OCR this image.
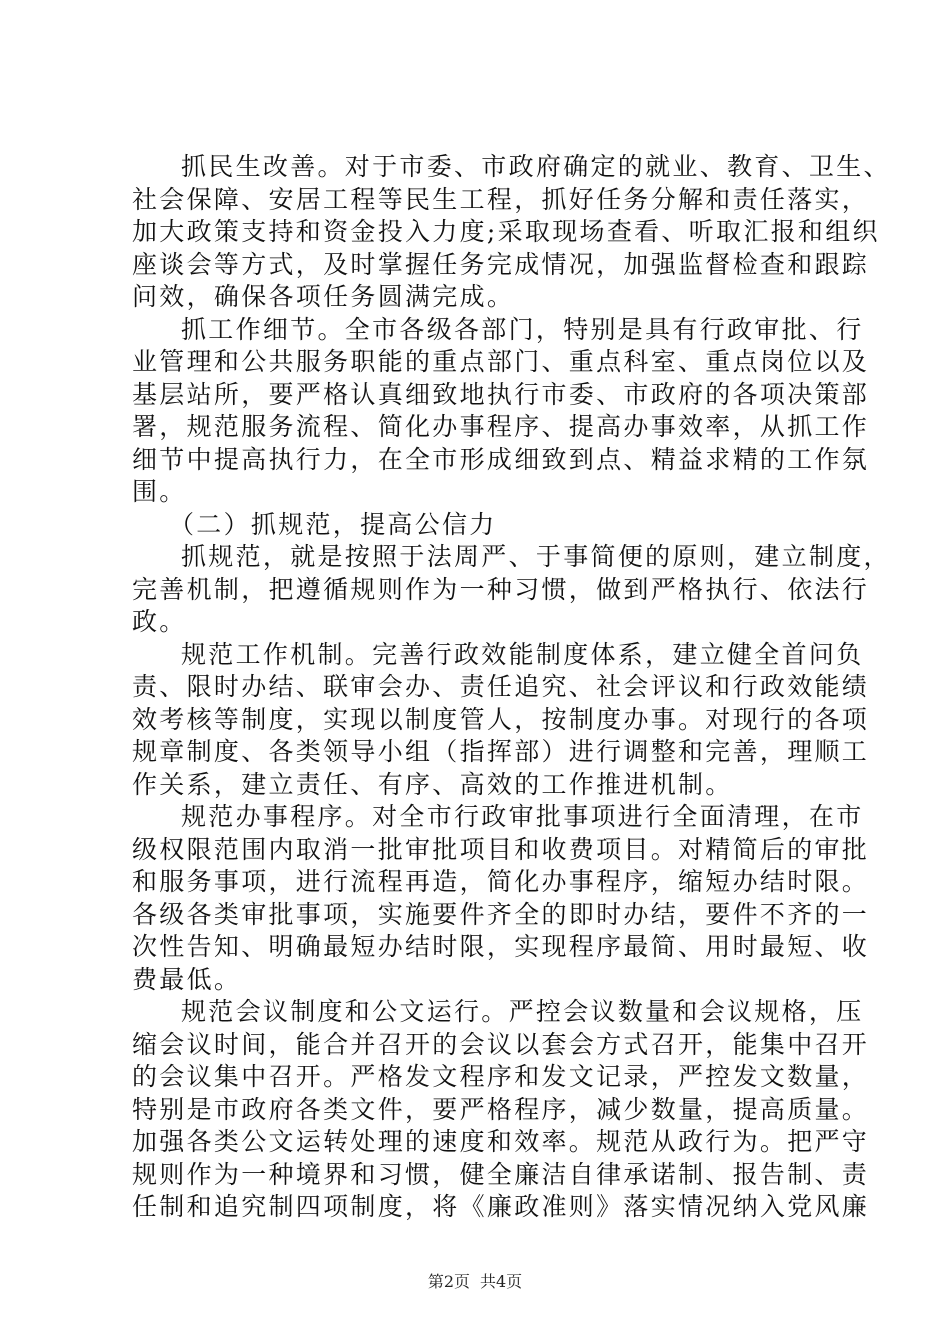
抓民生改善。对于市委、市政府确定的就业、教育、卫生、
社会保障、安居工程等民生工程，抓好任务分解和责任落实，
加大政策支持和资金投入力度;采取现场查看、听取汇报和组织
座谈会等方式，及时掌握任务完成情况，加强监督检查和跟踪
问效，确保各项任务圆满完成。
抓工作细节。全市各级各部门，特别是具有行政审批、行
业管理和公共服务职能的重点部门、重点科室、重点岗位以及
基层站所，要严格认真细致地执行市委、市政府的各项决策部
署，规范服务流程、简化办事程序、提高办事效率，从抓工作
细节中提高执行力，在全市形成细致到点、精益求精的工作氛
围。
（二）抓规范，提高公信力
抓规范，就是按照于法周严、于事简便的原则，建立制度，
完善机制，把遵循规则作为一种习惯，做到严格执行、依法行
政。
规范工作机制。完善行政效能制度体系，建立健全首问负
责、限时办结、联审会办、责任追究、社会评议和行政效能绩
效考核等制度，实现以制度管人，按制度办事。对现行的各项
规章制度、各类领导小组（指挥部）进行调整和完善，理顺工
作关系，建立责任、有序、高效的工作推进机制。
规范办事程序。对全市行政审批事项进行全面清理，在市
级权限范围内取消一批审批项目和收费项目。对精简后的审批
和服务事项，进行流程再造，简化办事程序，缩短办结时限。
各级各类审批事项，实施要件齐全的即时办结，要件不齐的一
次性告知、明确最短办结时限，实现程序最简、用时最短、收
费最低。
规范会议制度和公文运行。严控会议数量和会议规格，压
缩会议时间，能合并召开的会议以套会方式召开，能集中召开
的会议集中召开。严格发文程序和发文记录，严控发文数量，
特别是市政府各类文件，要严格程序，减少数量，提高质量。
加强各类公文运转处理的速度和效率。规范从政行为。把严守
规则作为一种境界和习惯，健全廉洁自律承诺制、报告制、责
任制和追究制四项制度，将《廉政准则》落实情况纳入党风廉
第2页 共4页
